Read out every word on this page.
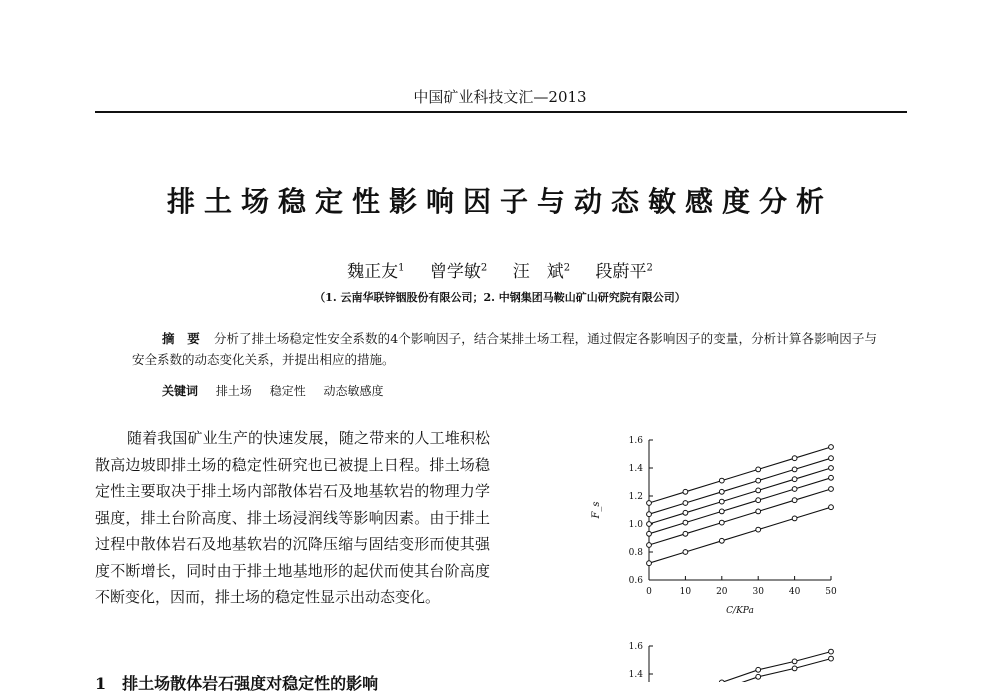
中国矿业科技文汇—2013
排土场稳定性影响因子与动态敏感度分析
魏正友$^1$ 曾学敏$^2$ 汪　斌$^2$ 段蔚平$^2$
（1. 云南华联锌铟股份有限公司；2. 中钢集团马鞍山矿山研究院有限公司）
摘　要 分析了排土场稳定性安全系数的4个影响因子，结合某排土场工程，通过假定各影响因子的变量，分析计算各影响因子与安全系数的动态变化关系，并提出相应的措施。
关键词 排土场 稳定性 动态敏感度
随着我国矿业生产的快速发展，随之带来的人工堆积松散高边坡即排土场的稳定性研究也已被提上日程。排土场稳定性主要取决于排土场内部散体岩石及地基软岩的物理力学强度，排土台阶高度、排土场浸润线等影响因素。由于排土过程中散体岩石及地基软岩的沉降压缩与固结变形而使其强度不断增长，同时由于排土地基地形的起伏而使其台阶高度不断变化，因而，排土场的稳定性显示出动态变化。
1　排土场散体岩石强度对稳定性的影响
0.6
0.8
1.0
1.2
1.4
1.6
0	10	20	30	40	50
C/KPa
F_s
1.6
1.4
